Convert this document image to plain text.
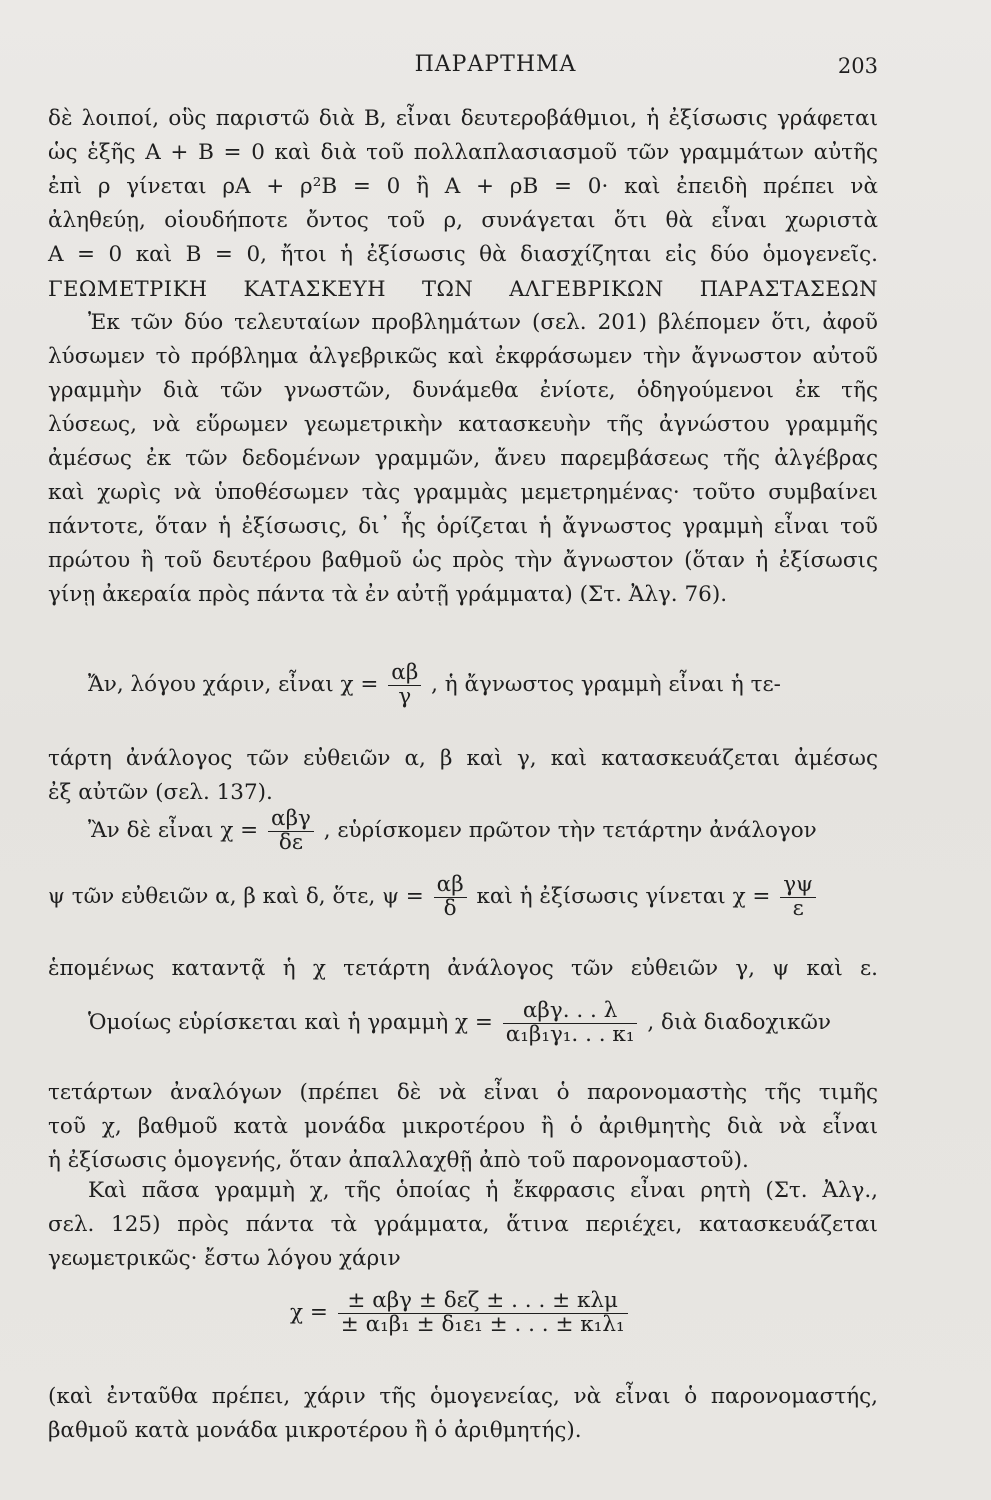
ΠΑΡΑΡΤΗΜΑ	203
δὲ λοιποί, οὓς παριστῶ διὰ Β, εἶναι δευτεροβάθμιοι, ἡ ἐξίσωσις γράφεται
ὡς ἑξῆς Α + Β = 0 καὶ διὰ τοῦ πολλαπλασιασμοῦ τῶν γραμμάτων αὐτῆς
ἐπὶ ρ γίνεται ρΑ + ρ²Β = 0 ἢ Α + ρΒ = 0· καὶ ἐπειδὴ πρέπει νὰ
ἀληθεύῃ, οἱουδήποτε ὄντος τοῦ ρ, συνάγεται ὅτι θὰ εἶναι χωριστὰ
Α = 0 καὶ Β = 0, ἤτοι ἡ ἐξίσωσις θὰ διασχίζηται εἰς δύο ὁμογενεῖς.
ΓΕΩΜΕΤΡΙΚΗ ΚΑΤΑΣΚΕΥΗ ΤΩΝ ΑΛΓΕΒΡΙΚΩΝ ΠΑΡΑΣΤΑΣΕΩΝ
Ἐκ τῶν δύο τελευταίων προβλημάτων (σελ. 201) βλέπομεν ὅτι, ἀφοῦ
λύσωμεν τὸ πρόβλημα ἀλγεβρικῶς καὶ ἐκφράσωμεν τὴν ἄγνωστον αὐτοῦ
γραμμὴν διὰ τῶν γνωστῶν, δυνάμεθα ἐνίοτε, ὁδηγούμενοι ἐκ τῆς
λύσεως, νὰ εὕρωμεν γεωμετρικὴν κατασκευὴν τῆς ἀγνώστου γραμμῆς
ἀμέσως ἐκ τῶν δεδομένων γραμμῶν, ἄνευ παρεμβάσεως τῆς ἀλγέβρας
καὶ χωρὶς νὰ ὑποθέσωμεν τὰς γραμμὰς μεμετρημένας· τοῦτο συμβαίνει
πάντοτε, ὅταν ἡ ἐξίσωσις, δι᾽ ἧς ὁρίζεται ἡ ἄγνωστος γραμμὴ εἶναι τοῦ
πρώτου ἢ τοῦ δευτέρου βαθμοῦ ὡς πρὸς τὴν ἄγνωστον (ὅταν ἡ ἐξίσωσις
γίνῃ ἀκεραία πρὸς πάντα τὰ ἐν αὐτῇ γράμματα) (Στ. Ἀλγ. 76).
Ἄν, λόγου χάριν, εἶναι $\chi = \frac{\alpha\beta}{\gamma}$ , ἡ ἄγνωστος γραμμὴ εἶναι ἡ τε-
τάρτη ἀνάλογος τῶν εὐθειῶν α, β καὶ γ, καὶ κατασκευάζεται ἀμέσως
ἐξ αὐτῶν (σελ. 137).
Ἂν δὲ εἶναι $\chi = \frac{\text{αβγ}}{\delta\varepsilon}$ , εὑρίσκομεν πρῶτον τὴν τετάρτην ἀνάλογον
ψ τῶν εὐθειῶν α, β καὶ δ, ὅτε, $\psi = \frac{\alpha\beta}{\delta}$ καὶ ἡ ἐξίσωσις γίνεται $\chi = \frac{\gamma\psi}{\varepsilon}$
ἑπομένως καταντᾷ ἡ χ τετάρτη ἀνάλογος τῶν εὐθειῶν γ, ψ καὶ ε.
Ὁμοίως εὑρίσκεται καὶ ἡ γραμμὴ $\chi = \frac{\text{αβγ. . . λ}}{\text{α₁β₁γ₁. . . κ₁}}$ , διὰ διαδοχικῶν
τετάρτων ἀναλόγων (πρέπει δὲ νὰ εἶναι ὁ παρονομαστὴς τῆς τιμῆς
τοῦ χ, βαθμοῦ κατὰ μονάδα μικροτέρου ἢ ὁ ἀριθμητὴς διὰ νὰ εἶναι
ἡ ἐξίσωσις ὁμογενής, ὅταν ἀπαλλαχθῇ ἀπὸ τοῦ παρονομαστοῦ).
Καὶ πᾶσα γραμμὴ χ, τῆς ὁποίας ἡ ἔκφρασις εἶναι ρητὴ (Στ. Ἀλγ.,
σελ. 125) πρὸς πάντα τὰ γράμματα, ἅτινα περιέχει, κατασκευάζεται
γεωμετρικῶς· ἔστω λόγου χάριν
$\chi = \frac{\text{± αβγ ± δεζ ± . . . ± κλμ}}{\text{± α₁β₁ ± δ₁ε₁ ± . . . ± κ₁λ₁}}$
(καὶ ἐνταῦθα πρέπει, χάριν τῆς ὁμογενείας, νὰ εἶναι ὁ παρονομαστής,
βαθμοῦ κατὰ μονάδα μικροτέρου ἢ ὁ ἀριθμητής).
